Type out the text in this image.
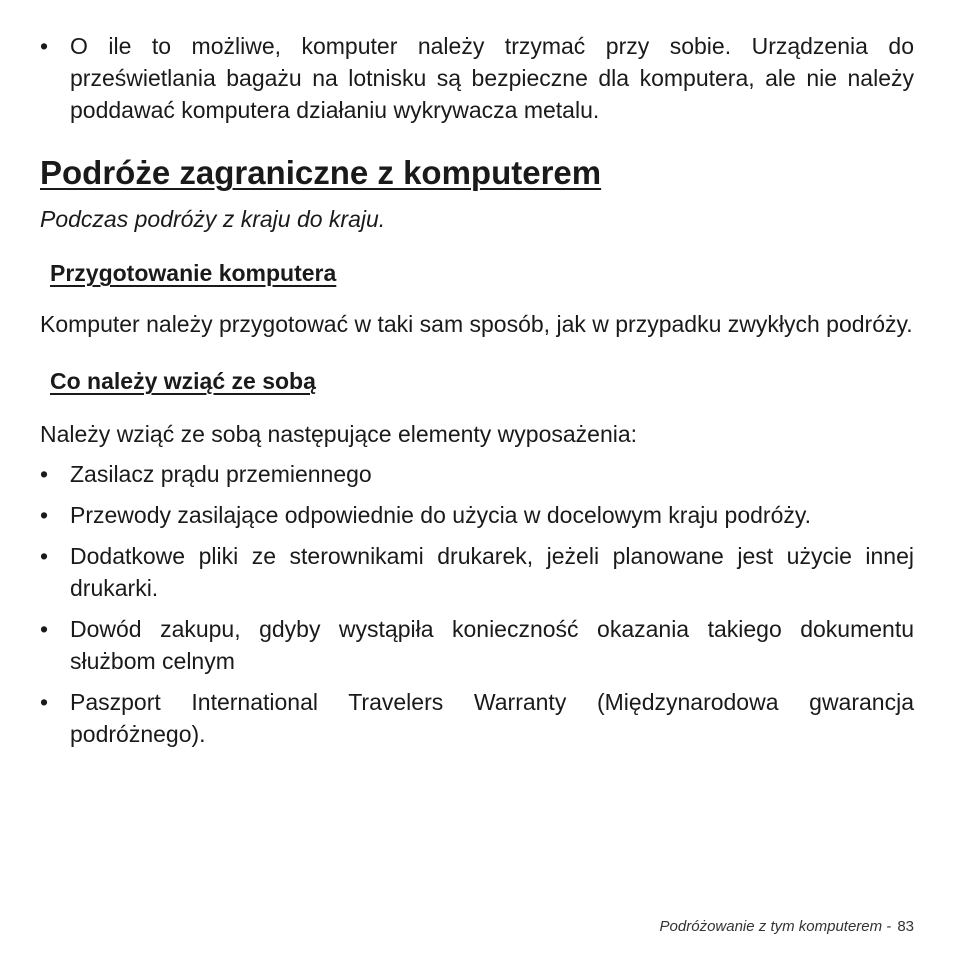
• O ile to możliwe, komputer należy trzymać przy sobie. Urządzenia do prześwietlania bagażu na lotnisku są bezpieczne dla komputera, ale nie należy poddawać komputera działaniu wykrywacza metalu.
Podróże zagraniczne z komputerem

Podczas podróży z kraju do kraju.

Przygotowanie komputera

Komputer należy przygotować w taki sam sposób, jak w przypadku zwykłych podróży.

Co należy wziąć ze sobą

Należy wziąć ze sobą następujące elementy wyposażenia:

• Zasilacz prądu przemiennego
• Przewody zasilające odpowiednie do użycia w docelowym kraju podróży.
• Dodatkowe pliki ze sterownikami drukarek, jeżeli planowane jest użycie innej drukarki.
• Dowód zakupu, gdyby wystąpiła konieczność okazania takiego dokumentu służbom celnym
• Paszport International Travelers Warranty (Międzynarodowa gwarancja podróżnego).
Podróżowanie z tym komputerem - 83
